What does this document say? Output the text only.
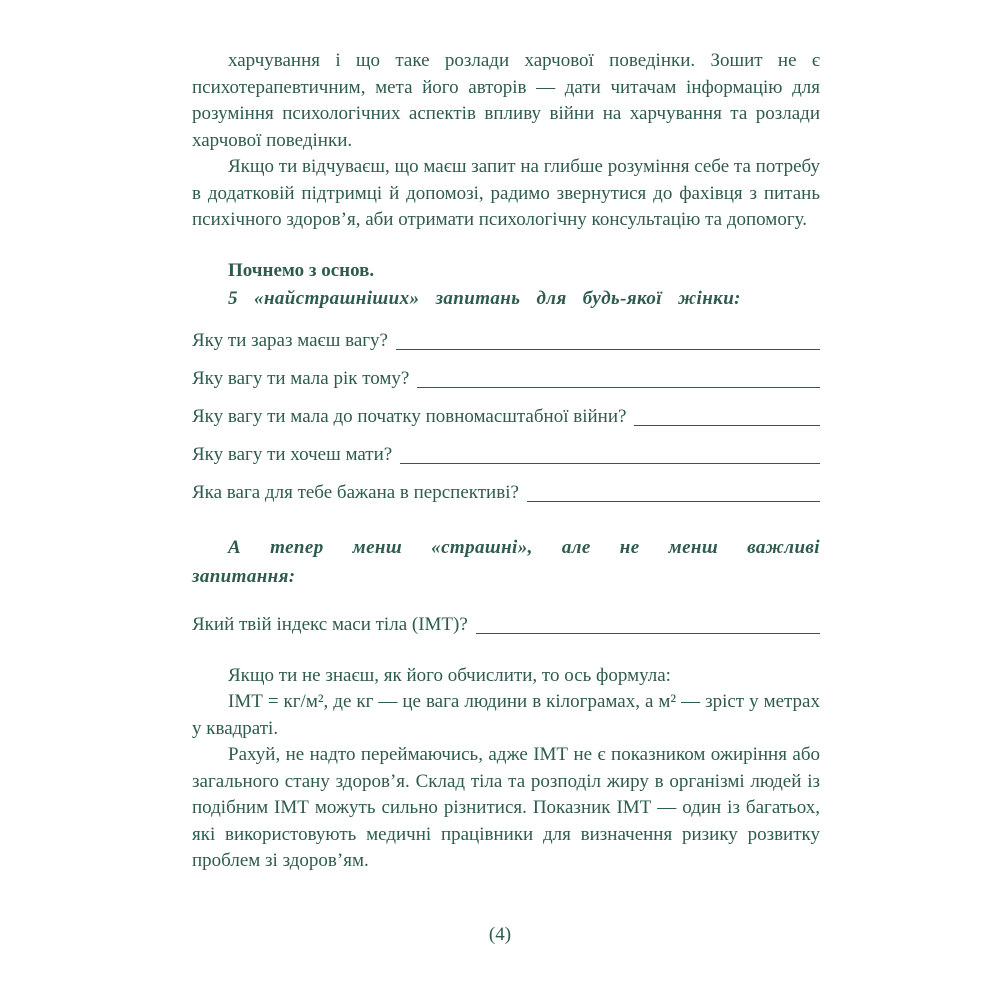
харчування і що таке розлади харчової поведінки. Зошит не є психотерапевтичним, мета його авторів — дати читачам інформацію для розуміння психологічних аспектів впливу війни на харчування та розлади харчової поведінки.

Якщо ти відчуваєш, що маєш запит на глибше розуміння себе та потребу в додатковій підтримці й допомозі, радимо звернутися до фахівця з питань психічного здоров’я, аби отримати психологічну консультацію та допомогу.

Почнемо з основ.

5 «найстрашніших» запитань для будь-якої жінки:

Яку ти зараз маєш вагу?
Яку вагу ти мала рік тому?
Яку вагу ти мала до початку повномасштабної війни?
Яку вагу ти хочеш мати?
Яка вага для тебе бажана в перспективі?

А тепер менш «страшні», але не менш важливі запитання:

Який твій індекс маси тіла (ІМТ)?

Якщо ти не знаєш, як його обчислити, то ось формула:

ІМТ = кг/м², де кг — це вага людини в кілограмах, а м² — зріст у метрах у квадраті.

Рахуй, не надто переймаючись, адже ІМТ не є показником ожиріння або загального стану здоров’я. Склад тіла та розподіл жиру в організмі людей із подібним ІМТ можуть сильно різнитися. Показник ІМТ — один із багатьох, які використовують медичні працівники для визначення ризику розвитку проблем зі здоров’ям.

(4)
